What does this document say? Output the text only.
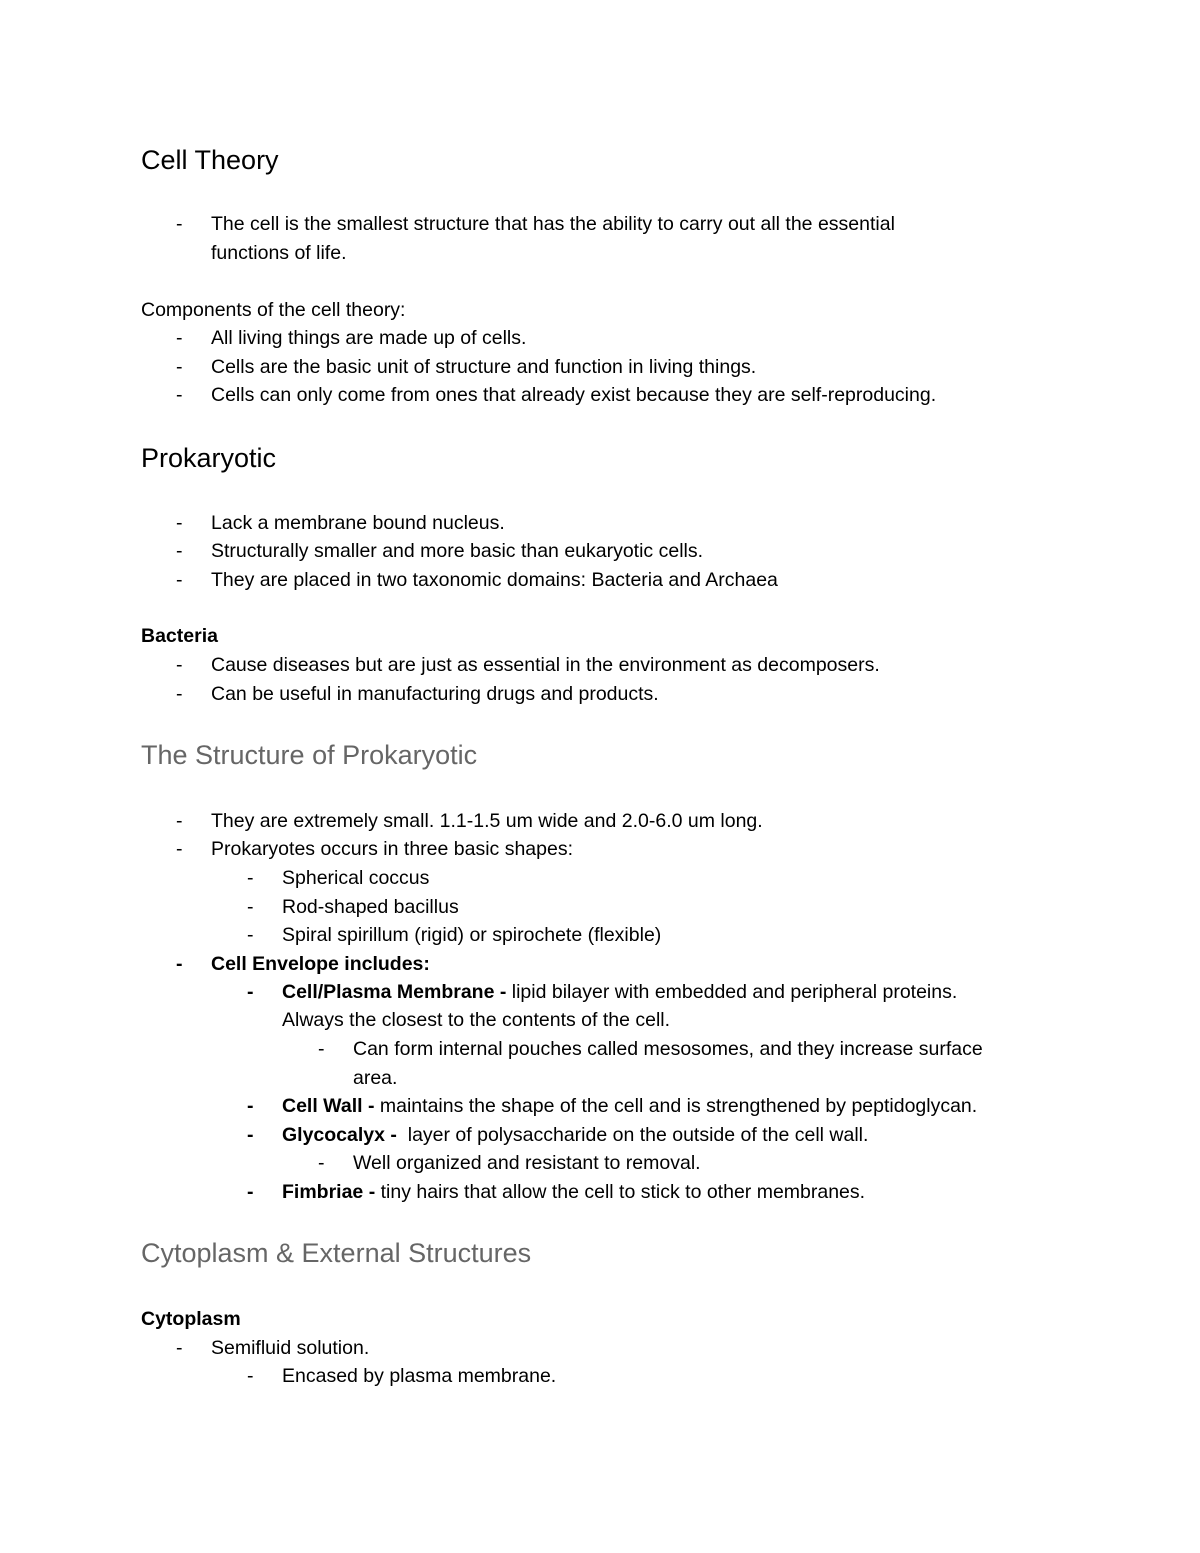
Cell Theory
- The cell is the smallest structure that has the ability to carry out all the essential
functions of life.
Components of the cell theory:
- All living things are made up of cells.
- Cells are the basic unit of structure and function in living things.
- Cells can only come from ones that already exist because they are self-reproducing.
Prokaryotic
- Lack a membrane bound nucleus.
- Structurally smaller and more basic than eukaryotic cells.
- They are placed in two taxonomic domains: Bacteria and Archaea
Bacteria
- Cause diseases but are just as essential in the environment as decomposers.
- Can be useful in manufacturing drugs and products.
The Structure of Prokaryotic
- They are extremely small. 1.1-1.5 um wide and 2.0-6.0 um long.
- Prokaryotes occurs in three basic shapes:
- Spherical coccus
- Rod-shaped bacillus
- Spiral spirillum (rigid) or spirochete (flexible)
- Cell Envelope includes:
- Cell/Plasma Membrane - lipid bilayer with embedded and peripheral proteins.
Always the closest to the contents of the cell.
- Can form internal pouches called mesosomes, and they increase surface
area.
- Cell Wall - maintains the shape of the cell and is strengthened by peptidoglycan.
- Glycocalyx -  layer of polysaccharide on the outside of the cell wall.
- Well organized and resistant to removal.
- Fimbriae - tiny hairs that allow the cell to stick to other membranes.
Cytoplasm & External Structures
Cytoplasm
- Semifluid solution.
- Encased by plasma membrane.
